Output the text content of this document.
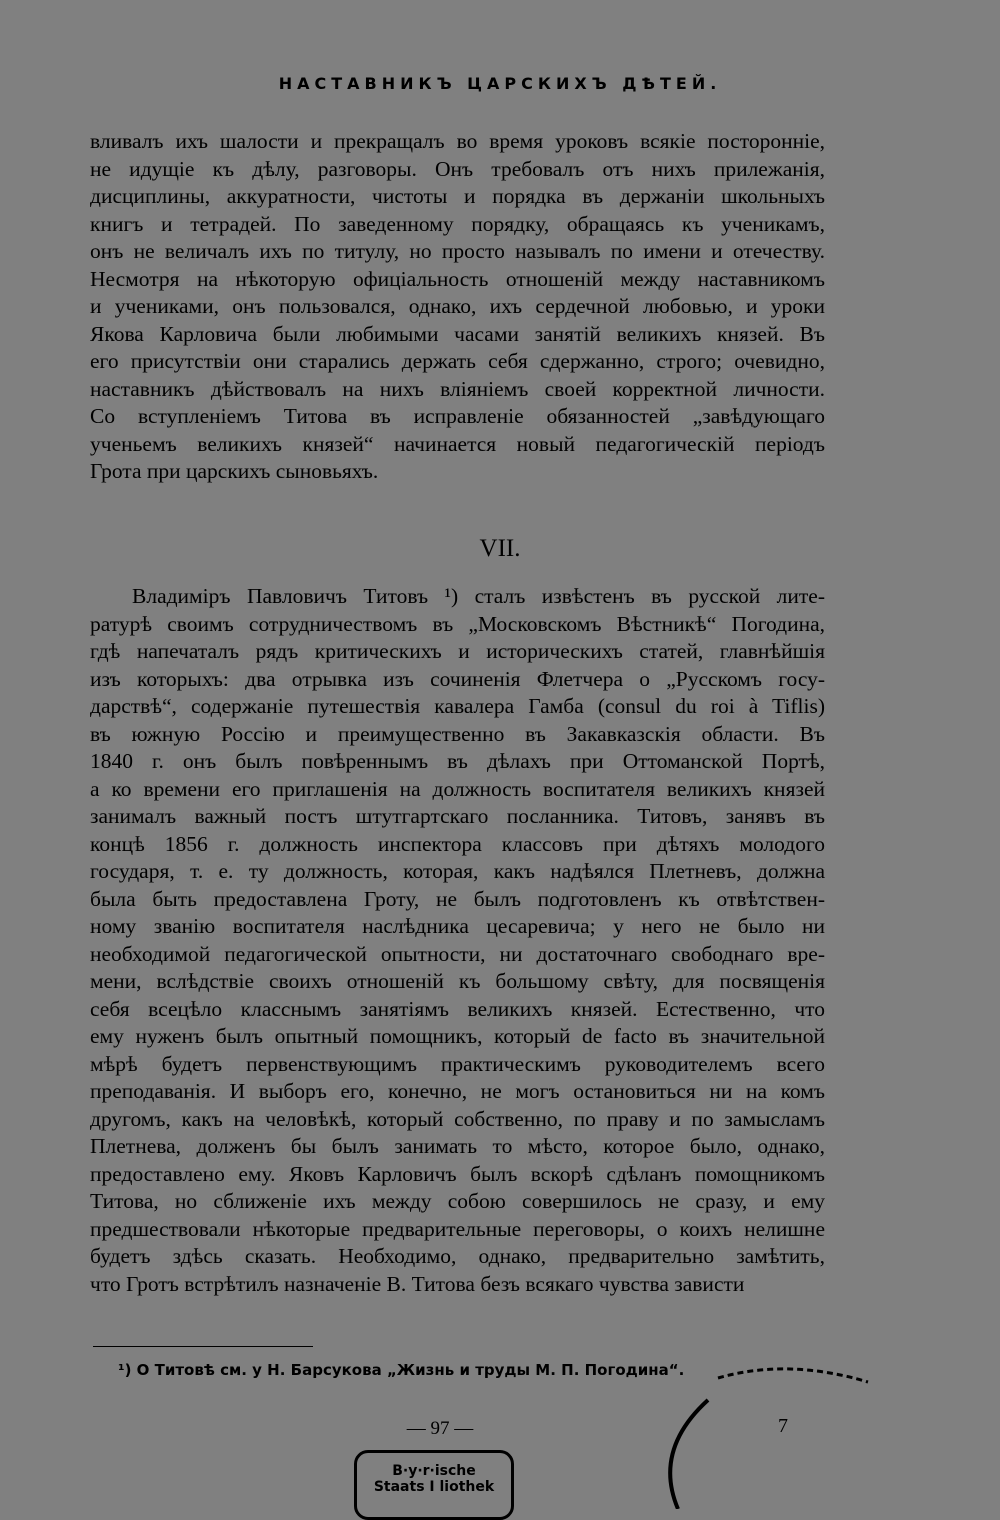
НАСТАВНИКЪ ЦАРСКИХЪ ДѢТЕЙ.
вливалъ ихъ шалости и прекращалъ во время уроковъ всякіе посторонніе,
не идущіе къ дѣлу, разговоры. Онъ требовалъ отъ нихъ прилежанія,
дисциплины, аккуратности, чистоты и порядка въ держаніи школьныхъ
книгъ и тетрадей. По заведенному порядку, обращаясь къ ученикамъ,
онъ не величалъ ихъ по титулу, но просто называлъ по имени и отечеству.
Несмотря на нѣкоторую офиціальность отношеній между наставникомъ
и учениками, онъ пользовался, однако, ихъ сердечной любовью, и уроки
Якова Карловича были любимыми часами занятій великихъ князей. Въ
его присутствіи они старались держать себя сдержанно, строго; очевидно,
наставникъ дѣйствовалъ на нихъ вліяніемъ своей корректной личности.
Со вступленіемъ Титова въ исправленіе обязанностей „завѣдующаго
ученьемъ великихъ князей“ начинается новый педагогическій періодъ
Грота при царскихъ сыновьяхъ.
VII.
Владиміръ Павловичъ Титовъ ¹) сталъ извѣстенъ въ русской лите-
ратурѣ своимъ сотрудничествомъ въ „Московскомъ Вѣстникѣ“ Погодина,
гдѣ напечаталъ рядъ критическихъ и историческихъ статей, главнѣйшія
изъ которыхъ: два отрывка изъ сочиненія Флетчера о „Русскомъ госу-
дарствѣ“, содержаніе путешествія кавалера Гамба (consul du roi à Tiflis)
въ южную Россію и преимущественно въ Закавказскія области. Въ
1840 г. онъ былъ повѣреннымъ въ дѣлахъ при Оттоманской Портѣ,
а ко времени его приглашенія на должность воспитателя великихъ князей
занималъ важный постъ штутгартскаго посланника. Титовъ, занявъ въ
концѣ 1856 г. должность инспектора классовъ при дѣтяхъ молодого
государя, т. е. ту должность, которая, какъ надѣялся Плетневъ, должна
была быть предоставлена Гроту, не былъ подготовленъ къ отвѣтствен-
ному званію воспитателя наслѣдника цесаревича; у него не было ни
необходимой педагогической опытности, ни достаточнаго свободнаго вре-
мени, вслѣдствіе своихъ отношеній къ большому свѣту, для посвященія
себя всецѣло класснымъ занятіямъ великихъ князей. Естественно, что
ему нуженъ былъ опытный помощникъ, который de facto въ значительной
мѣрѣ будетъ первенствующимъ практическимъ руководителемъ всего
преподаванія. И выборъ его, конечно, не могъ остановиться ни на комъ
другомъ, какъ на человѣкѣ, который собственно, по праву и по замысламъ
Плетнева, долженъ бы былъ занимать то мѣсто, которое было, однако,
предоставлено ему. Яковъ Карловичъ былъ вскорѣ сдѣланъ помощникомъ
Титова, но сближеніе ихъ между собою совершилось не сразу, и ему
предшествовали нѣкоторые предварительные переговоры, о коихъ нелишне
будетъ здѣсь сказать. Необходимо, однако, предварительно замѣтить,
что Гротъ встрѣтилъ назначеніе В. Титова безъ всякаго чувства зависти
¹) О Титовѣ см. у Н. Барсукова „Жизнь и труды М. П. Погодина“.
— 97 —
B·y·r·ische
Staats I liothek
7
